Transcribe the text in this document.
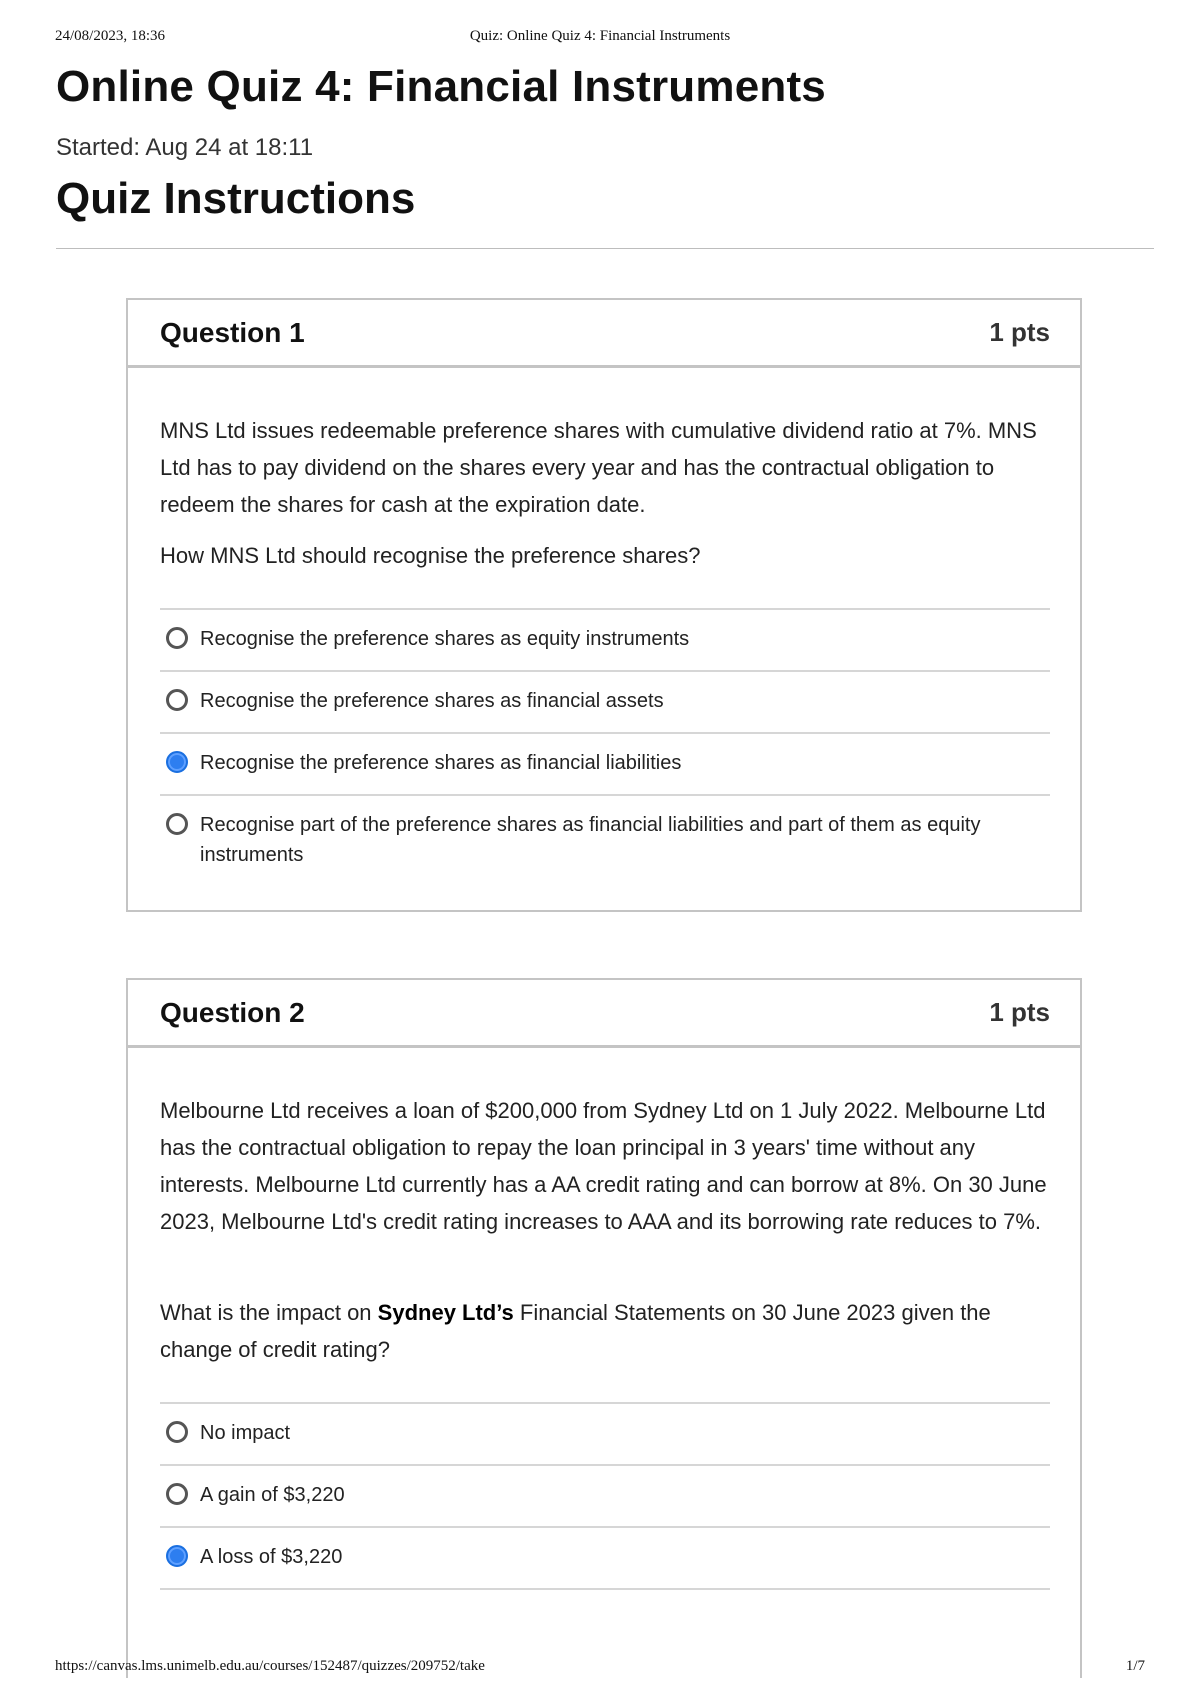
24/08/2023, 18:36	Quiz: Online Quiz 4: Financial Instruments
Online Quiz 4: Financial Instruments
Started: Aug 24 at 18:11
Quiz Instructions
Question 1	1 pts

MNS Ltd issues redeemable preference shares with cumulative dividend ratio at 7%. MNS Ltd has to pay dividend on the shares every year and has the contractual obligation to redeem the shares for cash at the expiration date.

How MNS Ltd should recognise the preference shares?

Recognise the preference shares as equity instruments
Recognise the preference shares as financial assets
Recognise the preference shares as financial liabilities
Recognise part of the preference shares as financial liabilities and part of them as equity instruments
Question 2	1 pts

Melbourne Ltd receives a loan of $200,000 from Sydney Ltd on 1 July 2022. Melbourne Ltd has the contractual obligation to repay the loan principal in 3 years' time without any interests. Melbourne Ltd currently has a AA credit rating and can borrow at 8%. On 30 June 2023, Melbourne Ltd's credit rating increases to AAA and its borrowing rate reduces to 7%.

What is the impact on Sydney Ltd’s Financial Statements on 30 June 2023 given the change of credit rating?

No impact
A gain of $3,220
A loss of $3,220
https://canvas.lms.unimelb.edu.au/courses/152487/quizzes/209752/take	1/7
